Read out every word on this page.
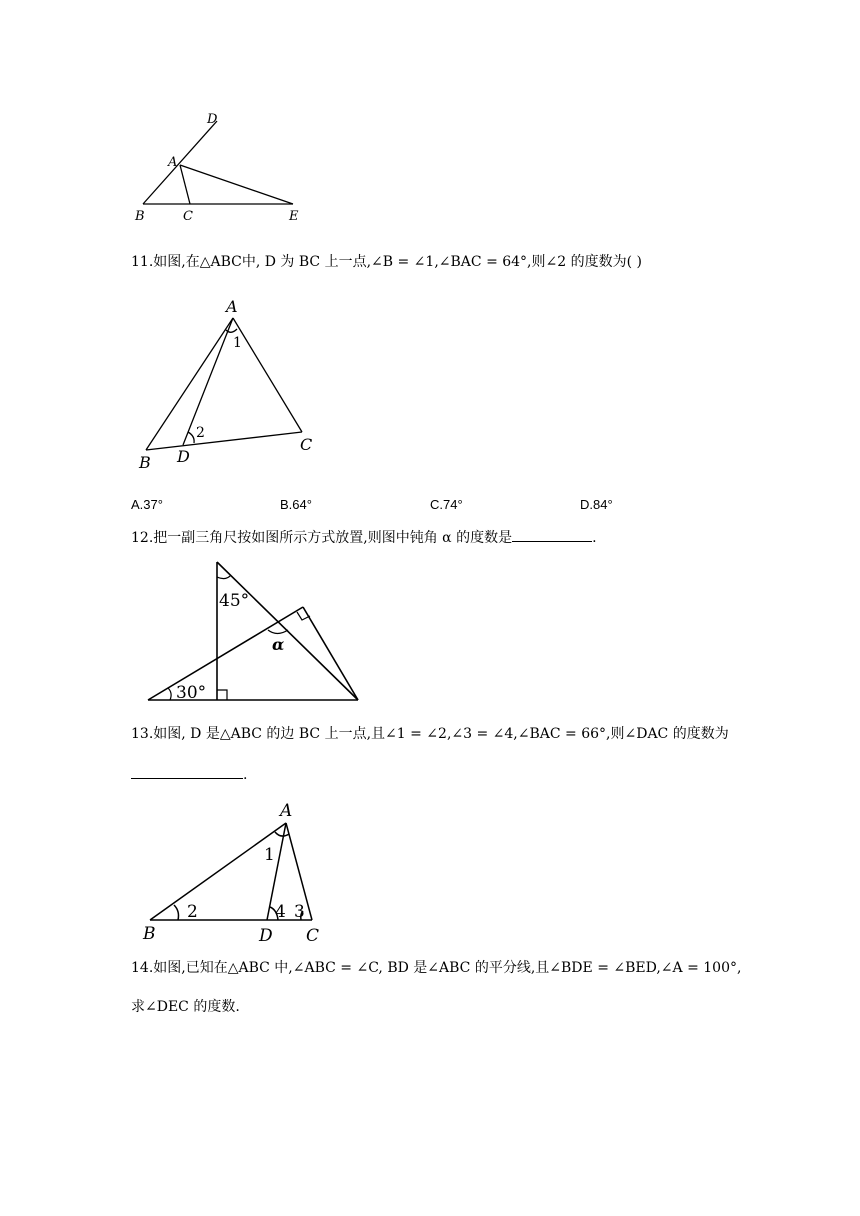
D
A
B	C	E
11.如图,在△ABC中, D 为 BC 上一点,∠B = ∠1,∠BAC = 64°,则∠2 的度数为( )
A
1
2
B D
C
A.37°	B.64°	C.74°	D.84°
12.把一副三角尺按如图所示方式放置,则图中钝角 α 的度数是	.
45°
30°
α
13.如图, D 是△ABC 的边 BC 上一点,且∠1 = ∠2,∠3 = ∠4,∠BAC = 66°,则∠DAC 的度数为
.
A
1
2	4 3
B	D C
14.如图,已知在△ABC 中,∠ABC = ∠C, BD 是∠ABC 的平分线,且∠BDE = ∠BED,∠A = 100°,
求∠DEC 的度数.
